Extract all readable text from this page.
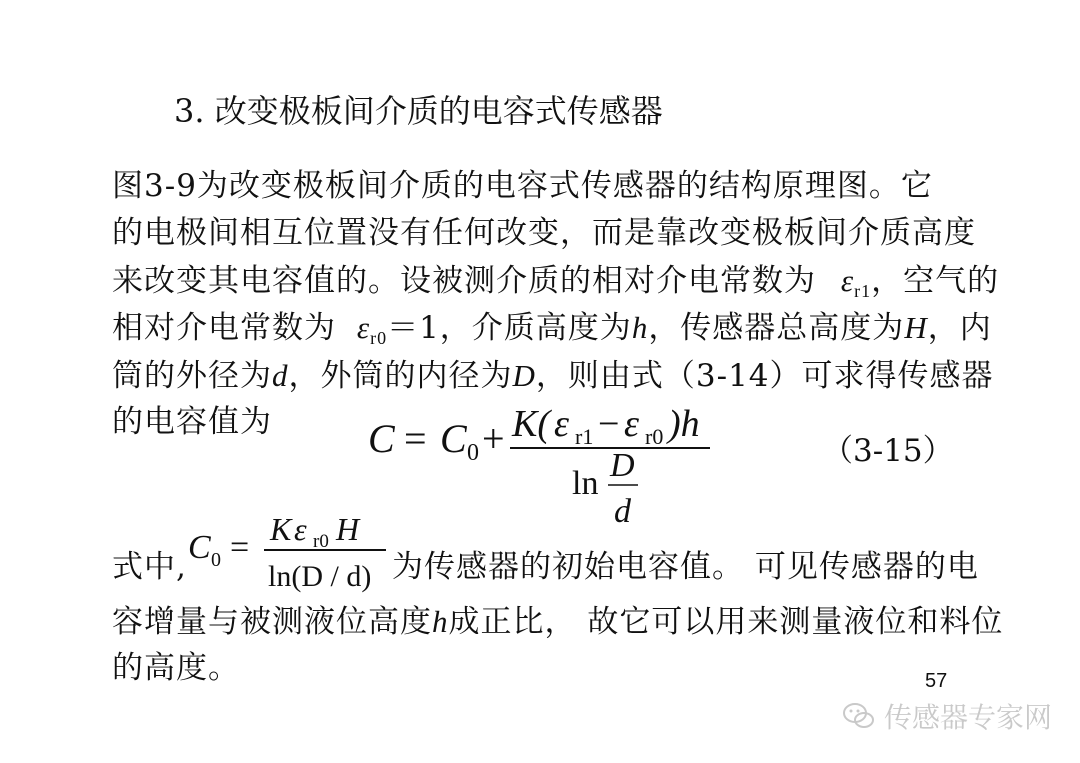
3. 改变极板间介质的电容式传感器
图3-9为改变极板间介质的电容式传感器的结构原理图。它
的电极间相互位置没有任何改变，而是靠改变极板间介质高度
来改变其电容值的。设被测介质的相对介电常数为 $\varepsilon_{r1}$，空气的
相对介电常数为 $\varepsilon_{r0}=1$，介质高度为h，传感器总高度为H，内
筒的外径为d，外筒的内径为D，则由式（3-14）可求得传感器
的电容值为 C = C 0 + K( ε r1 − ε r0 )h
ln D
d
（3-15）
式中,
C 0 = K ε r0 H
ln(D / d) 为传感器的初始电容值。 可见传感器的电
容增量与被测液位高度h成正比， 故它可以用来测量液位和料位
的高度。	57
传感器专家网
